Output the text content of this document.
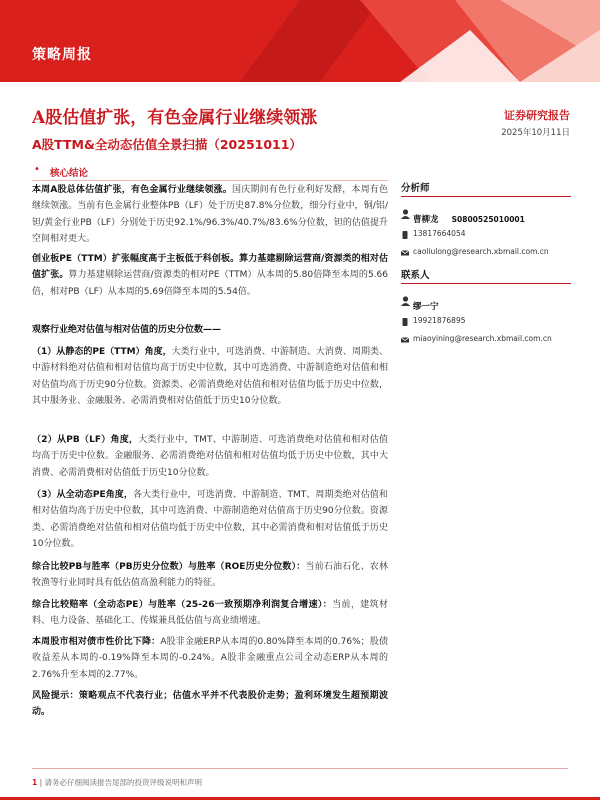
策略周报
A股估值扩张，有色金属行业继续领涨
A股TTM&全动态估值全景扫描（20251011）
证券研究报告
2025年10月11日
• 核心结论

本周A股总体估值扩张，有色金属行业继续领涨。国庆期间有色行业利好发酵，本周有色继续领涨。当前有色金属行业整体PB（LF）处于历史87.8%分位数，细分行业中，铜/铝/钽/黄金行业PB（LF）分别处于历史92.1%/96.3%/40.7%/83.6%分位数，钽的估值提升空间相对更大。

创业板PE（TTM）扩张幅度高于主板低于科创板。算力基建剔除运营商/资源类的相对估值扩张。算力基建剔除运营商/资源类的相对PE（TTM）从本周的5.80倍降至本周的5.66倍，相对PB（LF）从本周的5.69倍降至本周的5.54倍。

观察行业绝对估值与相对估值的历史分位数——

（1）从静态的PE（TTM）角度，大类行业中，可选消费、中游制造、大消费、周期类、中游材料绝对估值和相对估值均高于历史中位数，其中可选消费、中游制造绝对估值和相对估值均高于历史90分位数。资源类、必需消费绝对估值和相对估值均低于历史中位数，其中服务业、金融服务、必需消费相对估值低于历史10分位数。

（2）从PB（LF）角度，大类行业中，TMT、中游制造、可选消费绝对估值和相对估值均高于历史中位数。金融服务、必需消费绝对估值和相对估值均低于历史中位数，其中大消费、必需消费相对估值低于历史10分位数。

（3）从全动态PE角度，各大类行业中，可选消费、中游制造、TMT、周期类绝对估值和相对估值均高于历史中位数，其中可选消费、中游制造绝对估值高于历史90分位数。资源类、必需消费绝对估值和相对估值均低于历史中位数，其中必需消费和相对估值低于历史10分位数。

综合比较PB与胜率（PB历史分位数）与胜率（ROE历史分位数）：当前石油石化、农林牧渔等行业同时具有低估值高盈利能力的特征。

综合比较赔率（全动态PE）与胜率（25-26一致预期净利润复合增速）：当前，建筑材料、电力设备、基础化工、传媒兼具低估值与高业绩增速。

本周股市相对债市性价比下降：A股非金融ERP从本周的0.80%降至本周的0.76%；股债收益差从本周的-0.19%降至本周的-0.24%。A股非金融重点公司全动态ERP从本周的2.76%升至本周的2.77%。

风险提示：策略观点不代表行业；估值水平并不代表股价走势；盈利环境发生超预期波动。

分析师
曹柳龙 S0800525010001
13817664054
caoliulong@research.xbmail.com.cn
联系人
缪一宁
19921876895
miaoyining@research.xbmail.com.cn
1 | 请务必仔细阅读报告尾部的投资评级说明和声明
